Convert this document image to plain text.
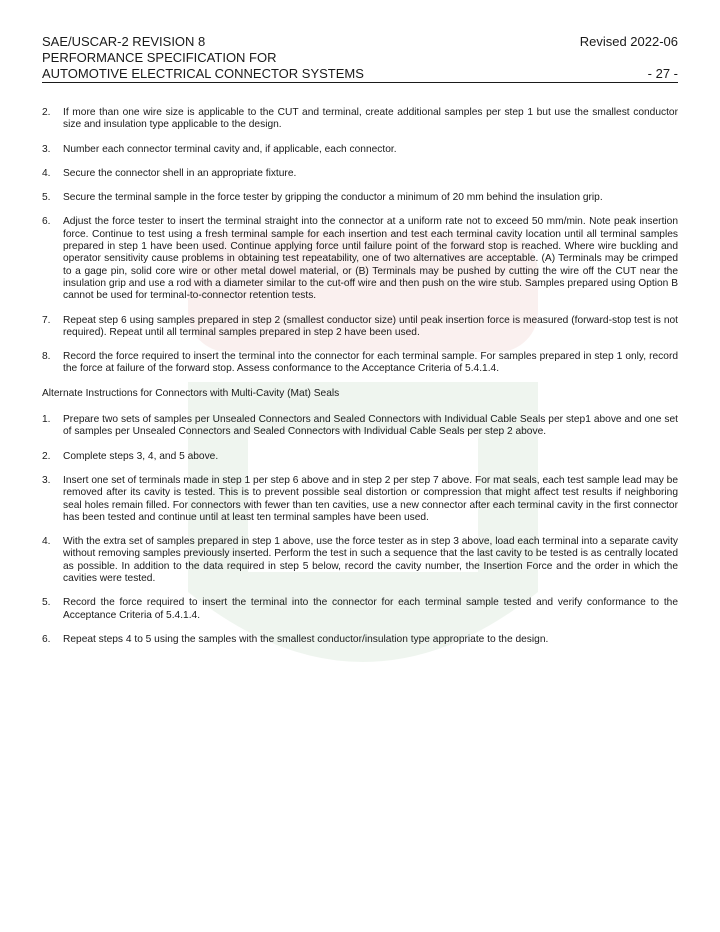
SAE/USCAR-2 REVISION 8	Revised 2022-06
PERFORMANCE SPECIFICATION FOR
AUTOMOTIVE ELECTRICAL CONNECTOR SYSTEMS	- 27 -
2.	If more than one wire size is applicable to the CUT and terminal, create additional samples per step 1 but use the smallest conductor size and insulation type applicable to the design.
3.	Number each connector terminal cavity and, if applicable, each connector.
4.	Secure the connector shell in an appropriate fixture.
5.	Secure the terminal sample in the force tester by gripping the conductor a minimum of 20 mm behind the insulation grip.
6.	Adjust the force tester to insert the terminal straight into the connector at a uniform rate not to exceed 50 mm/min. Note peak insertion force. Continue to test using a fresh terminal sample for each insertion and test each terminal cavity location until all terminal samples prepared in step 1 have been used. Continue applying force until failure point of the forward stop is reached. Where wire buckling and operator sensitivity cause problems in obtaining test repeatability, one of two alternatives are acceptable. (A) Terminals may be crimped to a gage pin, solid core wire or other metal dowel material, or (B) Terminals may be pushed by cutting the wire off the CUT near the insulation grip and use a rod with a diameter similar to the cut-off wire and then push on the wire stub. Samples prepared using Option B cannot be used for terminal-to-connector retention tests.
7.	Repeat step 6 using samples prepared in step 2 (smallest conductor size) until peak insertion force is measured (forward-stop test is not required). Repeat until all terminal samples prepared in step 2 have been used.
8.	Record the force required to insert the terminal into the connector for each terminal sample. For samples prepared in step 1 only, record the force at failure of the forward stop. Assess conformance to the Acceptance Criteria of 5.4.1.4.
Alternate Instructions for Connectors with Multi-Cavity (Mat) Seals
1.	Prepare two sets of samples per Unsealed Connectors and Sealed Connectors with Individual Cable Seals per step1 above and one set of samples per Unsealed Connectors and Sealed Connectors with Individual Cable Seals per step 2 above.
2.	Complete steps 3, 4, and 5 above.
3.	Insert one set of terminals made in step 1 per step 6 above and in step 2 per step 7 above. For mat seals, each test sample lead may be removed after its cavity is tested. This is to prevent possible seal distortion or compression that might affect test results if neighboring seal holes remain filled. For connectors with fewer than ten cavities, use a new connector after each terminal cavity in the first connector has been tested and continue until at least ten terminal samples have been used.
4.	With the extra set of samples prepared in step 1 above, use the force tester as in step 3 above, load each terminal into a separate cavity without removing samples previously inserted. Perform the test in such a sequence that the last cavity to be tested is as centrally located as possible. In addition to the data required in step 5 below, record the cavity number, the Insertion Force and the order in which the cavities were tested.
5.	Record the force required to insert the terminal into the connector for each terminal sample tested and verify conformance to the Acceptance Criteria of 5.4.1.4.
6.	Repeat steps 4 to 5 using the samples with the smallest conductor/insulation type appropriate to the design.
